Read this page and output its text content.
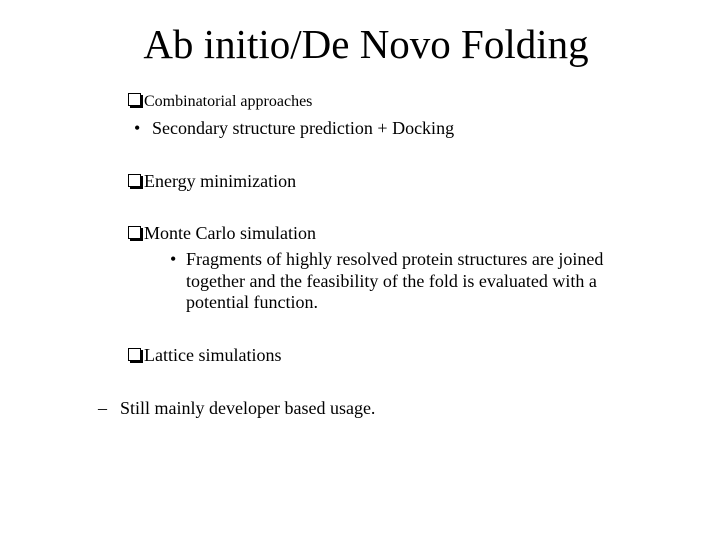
Ab initio/De Novo Folding
Combinatorial approaches
• Secondary structure prediction + Docking
Energy minimization
Monte Carlo simulation
• Fragments of highly resolved protein structures are joined
together and the feasibility of the fold is evaluated with a
potential function.
Lattice simulations
– Still mainly developer based usage.
